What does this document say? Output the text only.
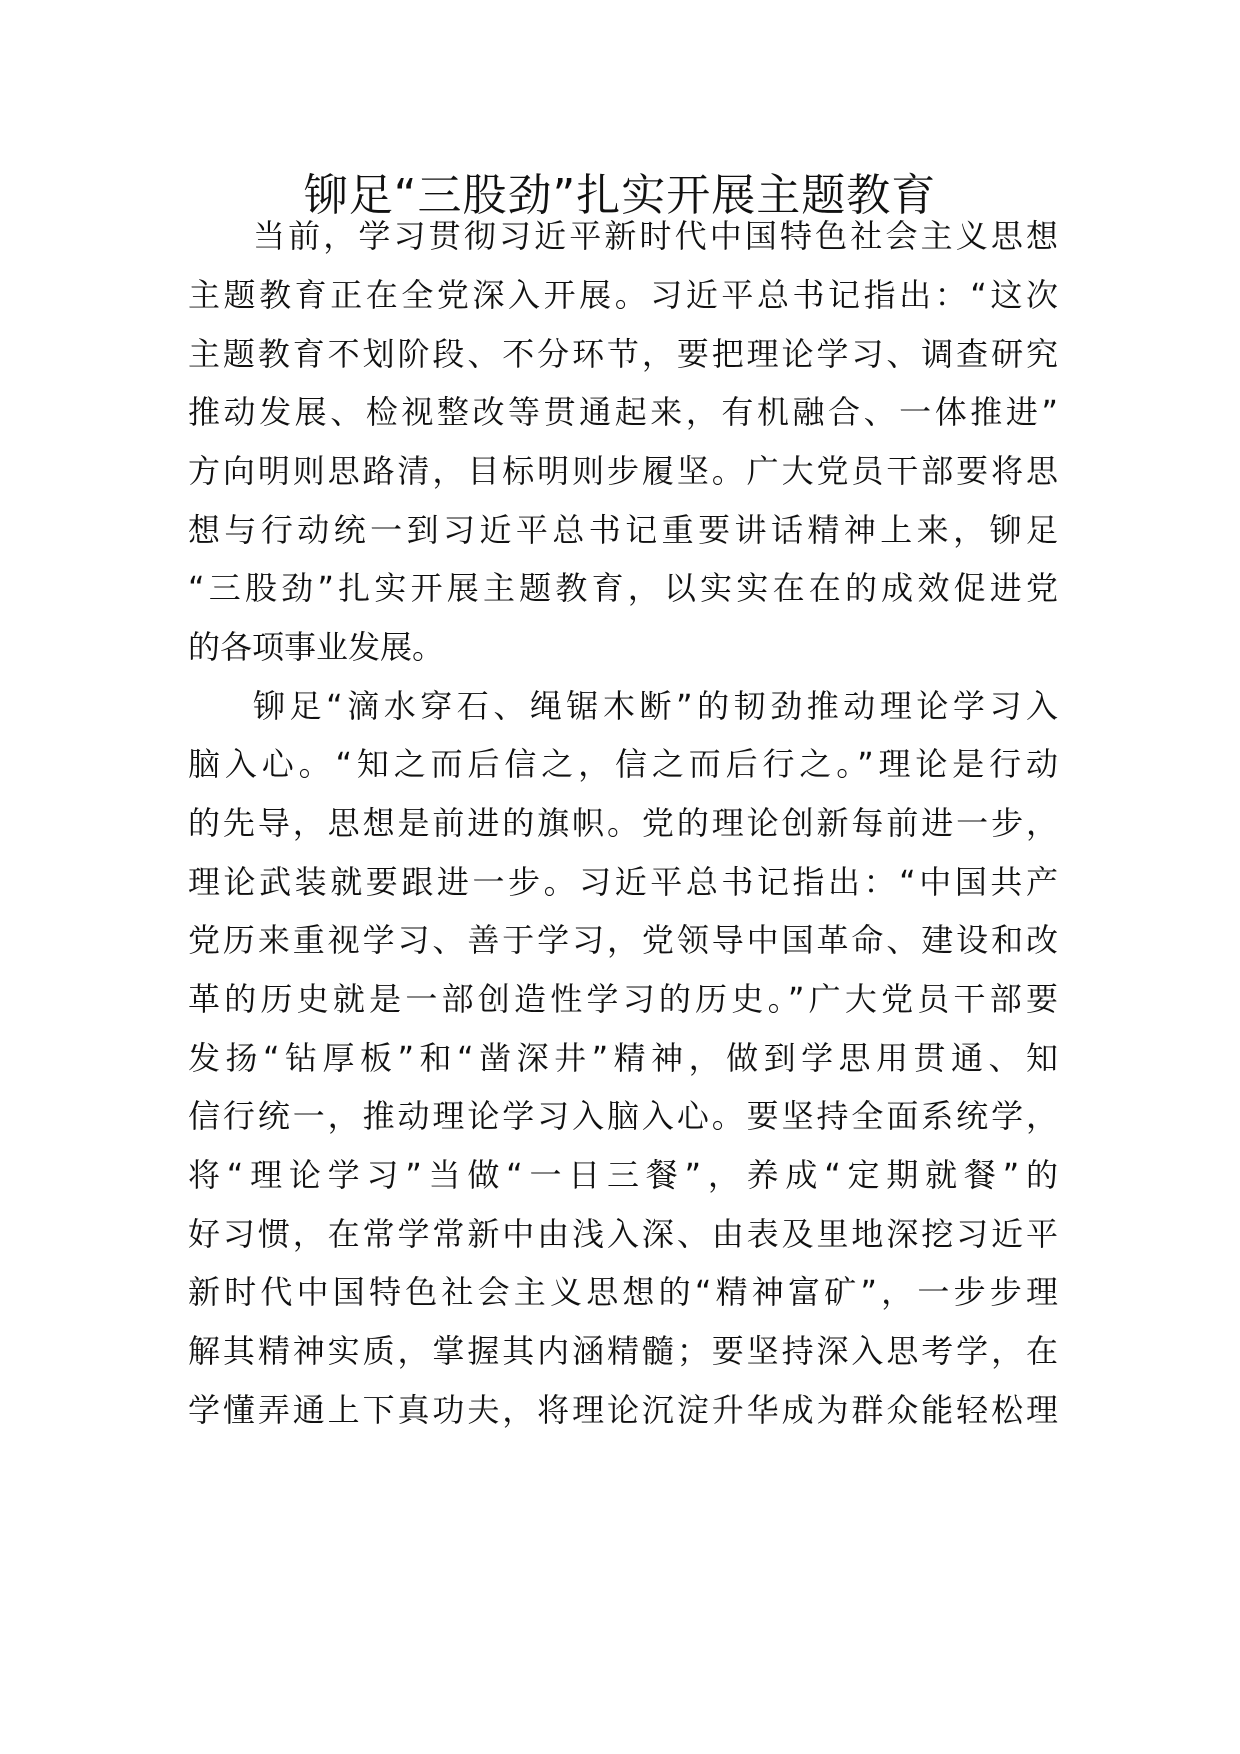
铆足“三股劲”扎实开展主题教育
当前，学习贯彻习近平新时代中国特色社会主义思想
主题教育正在全党深入开展。习近平总书记指出：“这次
主题教育不划阶段、不分环节，要把理论学习、调查研究
推动发展、检视整改等贯通起来，有机融合、一体推进”
方向明则思路清，目标明则步履坚。广大党员干部要将思
想与行动统一到习近平总书记重要讲话精神上来，铆足
“三股劲”扎实开展主题教育，以实实在在的成效促进党
的各项事业发展。
铆足“滴水穿石、绳锯木断”的韧劲推动理论学习入
脑入心。“知之而后信之，信之而后行之。”理论是行动
的先导，思想是前进的旗帜。党的理论创新每前进一步，
理论武装就要跟进一步。习近平总书记指出：“中国共产
党历来重视学习、善于学习，党领导中国革命、建设和改
革的历史就是一部创造性学习的历史。”广大党员干部要
发扬“钻厚板”和“凿深井”精神，做到学思用贯通、知
信行统一，推动理论学习入脑入心。要坚持全面系统学，
将“理论学习”当做“一日三餐”，养成“定期就餐”的
好习惯，在常学常新中由浅入深、由表及里地深挖习近平
新时代中国特色社会主义思想的“精神富矿”，一步步理
解其精神实质，掌握其内涵精髓；要坚持深入思考学，在
学懂弄通上下真功夫，将理论沉淀升华成为群众能轻松理
